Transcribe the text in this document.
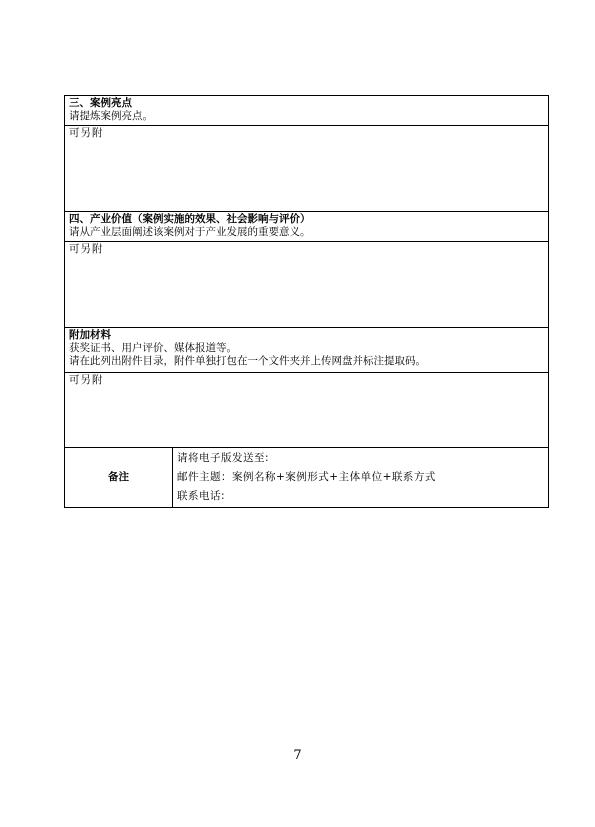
三、案例亮点
请提炼案例亮点。

可另附

四、产业价值（案例实施的效果、社会影响与评价）
请从产业层面阐述该案例对于产业发展的重要意义。

可另附

附加材料
获奖证书、用户评价、媒体报道等。
请在此列出附件目录，附件单独打包在一个文件夹并上传网盘并标注提取码。

可另附

备注	
请将电子版发送至:
邮件主题：案例名称+案例形式+主体单位+联系方式
联系电话:
7
